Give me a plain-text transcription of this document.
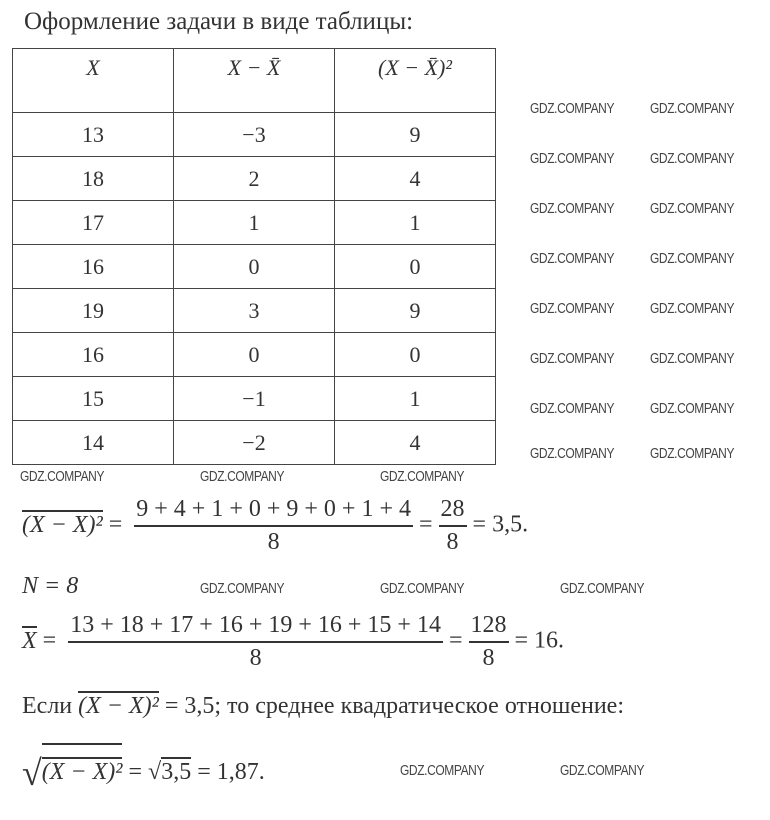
Оформление задачи в виде таблицы:
X	X − X̄	(X − X̄)²
13	−3	9
18	2	4
17	1	1
16	0	0
19	3	9
16	0	0
15	−1	1
14	−2	4
$(X - X)^2 = \frac{9 + 4 + 1 + 0 + 9 + 0 + 1 + 4}{8} = \frac{28}{8} = 3,5$.
N = 8
$X = \frac{13 + 18 + 17 + 16 + 19 + 16 + 15 + 14}{8} = \frac{128}{8} = 16$.
Если (X − X)² = 3,5; то среднее квадратическое отношение:
√(X − X)² = √3,5 = 1,87.
GDZ.COMPANY GDZ.COMPANY
GDZ.COMPANY GDZ.COMPANY
GDZ.COMPANY GDZ.COMPANY
GDZ.COMPANY GDZ.COMPANY
GDZ.COMPANY GDZ.COMPANY
GDZ.COMPANY GDZ.COMPANY
GDZ.COMPANY GDZ.COMPANY
GDZ.COMPANY GDZ.COMPANY
GDZ.COMPANY	GDZ.COMPANY	GDZ.COMPANY
GDZ.COMPANY	GDZ.COMPANY	GDZ.COMPANY
GDZ.COMPANY	GDZ.COMPANY
